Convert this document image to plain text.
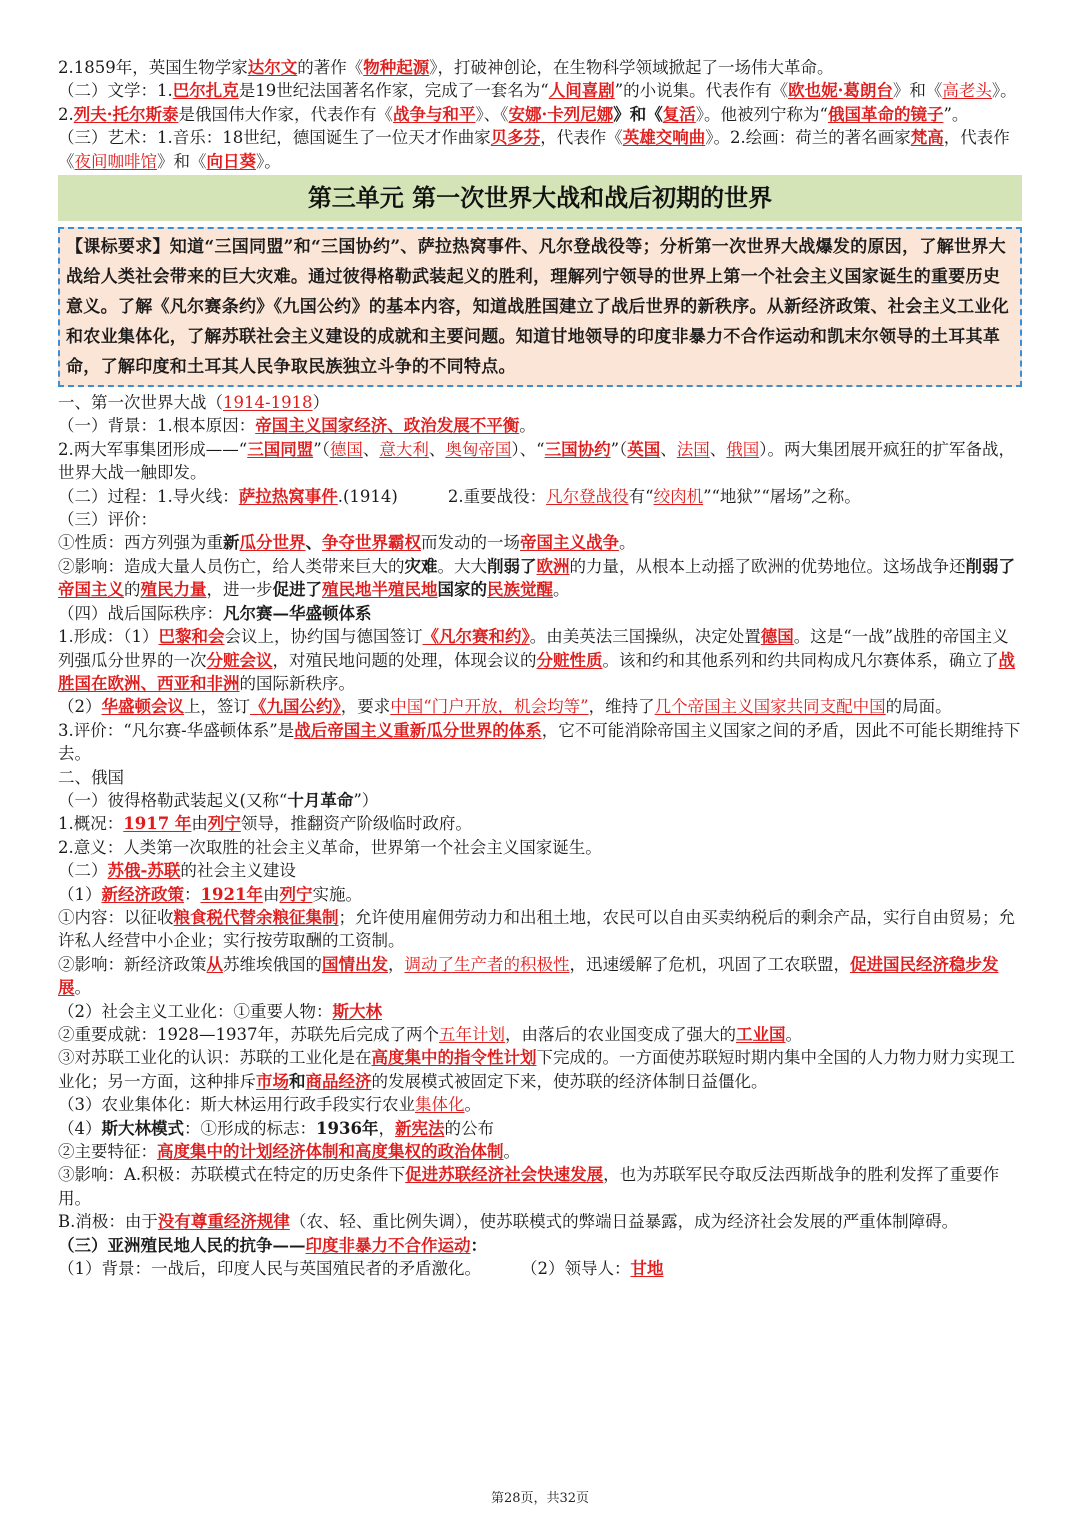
2.1859年，英国生物学家达尔文的著作《物种起源》，打破神创论，在生物科学领域掀起了一场伟大革命。

（二）文学：1.巴尔扎克是19世纪法国著名作家，完成了一套名为“人间喜剧”的小说集。代表作有《欧也妮·葛朗台》和《高老头》。

2.列夫·托尔斯泰是俄国伟大作家，代表作有《战争与和平》、《安娜·卡列尼娜》和《复活》。他被列宁称为“俄国革命的镜子”。

（三）艺术：1.音乐：18世纪，德国诞生了一位天才作曲家贝多芬，代表作《英雄交响曲》。2.绘画：荷兰的著名画家梵高，代表作《夜间咖啡馆》和《向日葵》。

第三单元 第一次世界大战和战后初期的世界

【课标要求】知道“三国同盟”和“三国协约”、萨拉热窝事件、凡尔登战役等；分析第一次世界大战爆发的原因，了解世界大战给人类社会带来的巨大灾难。通过彼得格勒武装起义的胜利，理解列宁领导的世界上第一个社会主义国家诞生的重要历史意义。了解《凡尔赛条约》《九国公约》的基本内容，知道战胜国建立了战后世界的新秩序。从新经济政策、社会主义工业化和农业集体化，了解苏联社会主义建设的成就和主要问题。知道甘地领导的印度非暴力不合作运动和凯末尔领导的土耳其革命，了解印度和土耳其人民争取民族独立斗争的不同特点。

一、第一次世界大战（1914-1918）

（一）背景：1.根本原因：帝国主义国家经济、政治发展不平衡。

2.两大军事集团形成——“三国同盟”（德国、意大利、奥匈帝国）、“三国协约”（英国、法国、俄国）。两大集团展开疯狂的扩军备战，世界大战一触即发。

（二）过程：1.导火线：萨拉热窝事件.(1914)	2.重要战役：凡尔登战役有“绞肉机”“地狱”“屠场”之称。

（三）评价：

①性质：西方列强为重新瓜分世界、争夺世界霸权而发动的一场帝国主义战争。

②影响：造成大量人员伤亡，给人类带来巨大的灾难。大大削弱了欧洲的力量，从根本上动摇了欧洲的优势地位。这场战争还削弱了帝国主义的殖民力量，进一步促进了殖民地半殖民地国家的民族觉醒。

（四）战后国际秩序：凡尔赛—华盛顿体系

1.形成：（1）巴黎和会会议上，协约国与德国签订《凡尔赛和约》。由美英法三国操纵，决定处置德国。这是“一战”战胜的帝国主义列强瓜分世界的一次分赃会议，对殖民地问题的处理，体现会议的分赃性质。该和约和其他系列和约共同构成凡尔赛体系，确立了战胜国在欧洲、西亚和非洲的国际新秩序。

（2）华盛顿会议上，签订《九国公约》，要求中国“门户开放，机会均等”，维持了几个帝国主义国家共同支配中国的局面。

3.评价：“凡尔赛-华盛顿体系”是战后帝国主义重新瓜分世界的体系，它不可能消除帝国主义国家之间的矛盾，因此不可能长期维持下去。

二、俄国

（一）彼得格勒武装起义(又称“十月革命”）

1.概况：1917 年由列宁领导，推翻资产阶级临时政府。

2.意义：人类第一次取胜的社会主义革命，世界第一个社会主义国家诞生。

（二）苏俄-苏联的社会主义建设

（1）新经济政策：1921年由列宁实施。

①内容：以征收粮食税代替余粮征集制；允许使用雇佣劳动力和出租土地，农民可以自由买卖纳税后的剩余产品，实行自由贸易；允许私人经营中小企业；实行按劳取酬的工资制。

②影响：新经济政策从苏维埃俄国的国情出发，调动了生产者的积极性，迅速缓解了危机，巩固了工农联盟，促进国民经济稳步发展。

（2）社会主义工业化：①重要人物：斯大林

②重要成就：1928—1937年，苏联先后完成了两个五年计划，由落后的农业国变成了强大的工业国。

③对苏联工业化的认识：苏联的工业化是在高度集中的指令性计划下完成的。一方面使苏联短时期内集中全国的人力物力财力实现工业化；另一方面，这种排斥市场和商品经济的发展模式被固定下来，使苏联的经济体制日益僵化。

（3）农业集体化：斯大林运用行政手段实行农业集体化。

（4）斯大林模式：①形成的标志：1936年，新宪法的公布

②主要特征：高度集中的计划经济体制和高度集权的政治体制。

③影响：A.积极：苏联模式在特定的历史条件下促进苏联经济社会快速发展，也为苏联军民夺取反法西斯战争的胜利发挥了重要作用。

B.消极：由于没有尊重经济规律（农、轻、重比例失调），使苏联模式的弊端日益暴露，成为经济社会发展的严重体制障碍。

（三）亚洲殖民地人民的抗争——印度非暴力不合作运动：

（1）背景：一战后，印度人民与英国殖民者的矛盾激化。 （2）领导人：甘地

第28页，共32页
